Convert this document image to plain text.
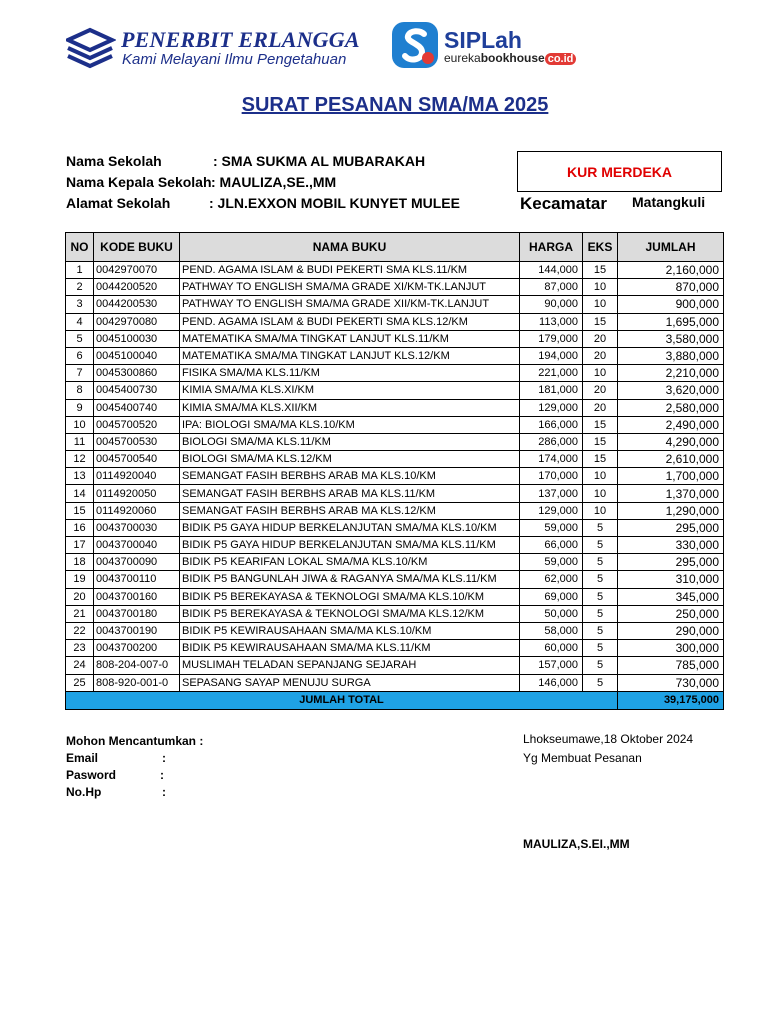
PENERBIT ERLANGGA
Kami Melayani Ilmu Pengetahuan
SIPLah
eurekabookhouse co.id
SURAT PESANAN SMA/MA 2025
Nama Sekolah	: SMA SUKMA AL MUBARAKAH
Nama Kepala Sekolah : MAULIZA,SE.,MM
Alamat Sekolah	: JLN.EXXON MOBIL KUNYET MULEE
KUR MERDEKA
Kecamatar Matangkuli
NO	KODE BUKU	NAMA BUKU	HARGA	EKS	JUMLAH
1	0042970070	PEND. AGAMA ISLAM & BUDI PEKERTI SMA KLS.11/KM	144,000	15	2,160,000
2	0044200520	PATHWAY TO ENGLISH SMA/MA GRADE XI/KM-TK.LANJUT	87,000	10	870,000
3	0044200530	PATHWAY TO ENGLISH SMA/MA GRADE XII/KM-TK.LANJUT	90,000	10	900,000
4	0042970080	PEND. AGAMA ISLAM & BUDI PEKERTI SMA KLS.12/KM	113,000	15	1,695,000
5	0045100030	MATEMATIKA SMA/MA TINGKAT LANJUT KLS.11/KM	179,000	20	3,580,000
6	0045100040	MATEMATIKA SMA/MA TINGKAT LANJUT KLS.12/KM	194,000	20	3,880,000
7	0045300860	FISIKA SMA/MA KLS.11/KM	221,000	10	2,210,000
8	0045400730	KIMIA SMA/MA KLS.XI/KM	181,000	20	3,620,000
9	0045400740	KIMIA SMA/MA KLS.XII/KM	129,000	20	2,580,000
10	0045700520	IPA: BIOLOGI SMA/MA KLS.10/KM	166,000	15	2,490,000
11	0045700530	BIOLOGI SMA/MA KLS.11/KM	286,000	15	4,290,000
12	0045700540	BIOLOGI SMA/MA KLS.12/KM	174,000	15	2,610,000
13	0114920040	SEMANGAT FASIH BERBHS ARAB MA KLS.10/KM	170,000	10	1,700,000
14	0114920050	SEMANGAT FASIH BERBHS ARAB MA KLS.11/KM	137,000	10	1,370,000
15	0114920060	SEMANGAT FASIH BERBHS ARAB MA KLS.12/KM	129,000	10	1,290,000
16	0043700030	BIDIK P5 GAYA HIDUP BERKELANJUTAN SMA/MA KLS.10/KM	59,000	5	295,000
17	0043700040	BIDIK P5 GAYA HIDUP BERKELANJUTAN SMA/MA KLS.11/KM	66,000	5	330,000
18	0043700090	BIDIK P5 KEARIFAN LOKAL SMA/MA KLS.10/KM	59,000	5	295,000
19	0043700110	BIDIK P5 BANGUNLAH JIWA & RAGANYA SMA/MA KLS.11/KM	62,000	5	310,000
20	0043700160	BIDIK P5 BEREKAYASA & TEKNOLOGI SMA/MA KLS.10/KM	69,000	5	345,000
21	0043700180	BIDIK P5 BEREKAYASA & TEKNOLOGI SMA/MA KLS.12/KM	50,000	5	250,000
22	0043700190	BIDIK P5 KEWIRAUSAHAAN SMA/MA KLS.10/KM	58,000	5	290,000
23	0043700200	BIDIK P5 KEWIRAUSAHAAN SMA/MA KLS.11/KM	60,000	5	300,000
24	808-204-007-0	MUSLIMAH TELADAN SEPANJANG SEJARAH	157,000	5	785,000
25	808-920-001-0	SEPASANG SAYAP MENUJU SURGA	146,000	5	730,000
JUMLAH TOTAL					39,175,000
Mohon Mencantumkan :
Email	:
Pasword	:
No.Hp	:
Lhokseumawe,18 Oktober 2024
Yg Membuat Pesanan
MAULIZA,S.EI.,MM
